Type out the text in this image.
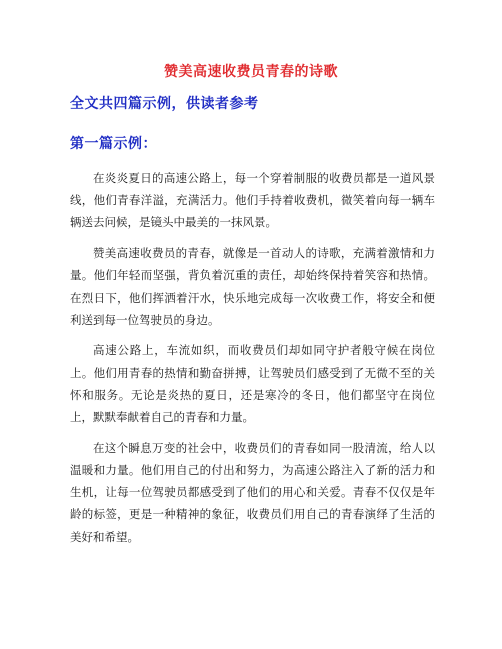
赞美高速收费员青春的诗歌
全文共四篇示例，供读者参考
第一篇示例：

在炎炎夏日的高速公路上，每一个穿着制服的收费员都是一道风景线，他们青春洋溢，充满活力。他们手持着收费机，微笑着向每一辆车辆送去问候，是镜头中最美的一抹风景。

赞美高速收费员的青春，就像是一首动人的诗歌，充满着激情和力量。他们年轻而坚强，背负着沉重的责任，却始终保持着笑容和热情。在烈日下，他们挥洒着汗水，快乐地完成每一次收费工作，将安全和便利送到每一位驾驶员的身边。

高速公路上，车流如织，而收费员们却如同守护者般守候在岗位上。他们用青春的热情和勤奋拼搏，让驾驶员们感受到了无微不至的关怀和服务。无论是炎热的夏日，还是寒冷的冬日，他们都坚守在岗位上，默默奉献着自己的青春和力量。

在这个瞬息万变的社会中，收费员们的青春如同一股清流，给人以温暖和力量。他们用自己的付出和努力，为高速公路注入了新的活力和生机，让每一位驾驶员都感受到了他们的用心和关爱。青春不仅仅是年龄的标签，更是一种精神的象征，收费员们用自己的青春演绎了生活的美好和希望。
